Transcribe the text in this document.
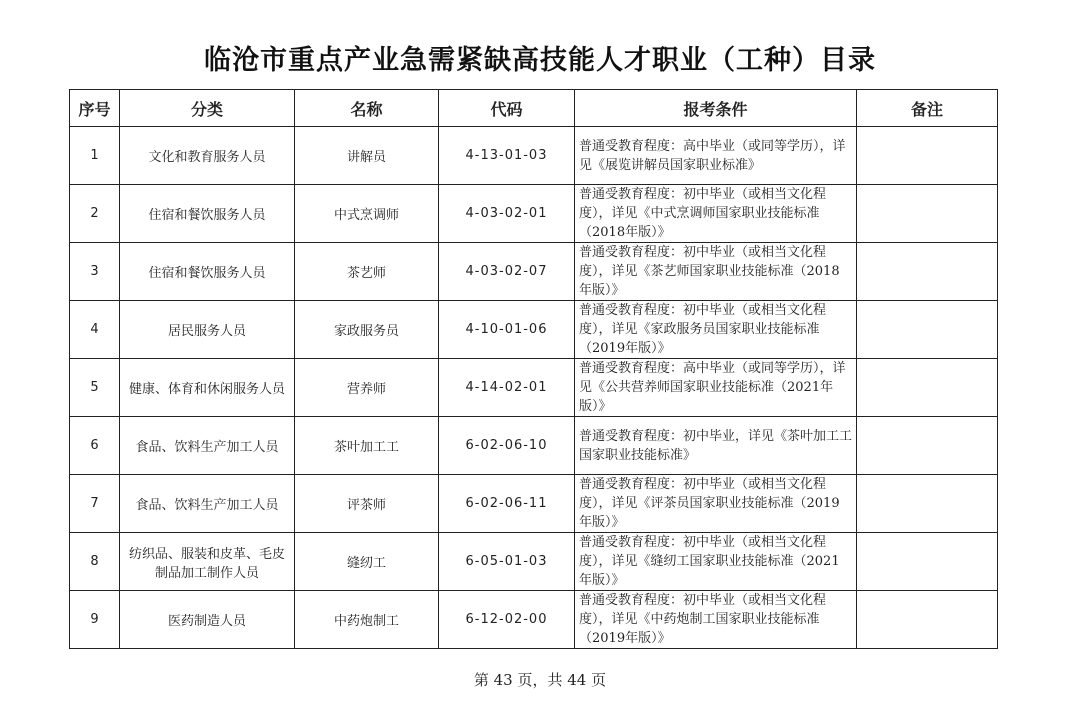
临沧市重点产业急需紧缺高技能人才职业（工种）目录
序号	分类	名称	代码	报考条件	备注
1	文化和教育服务人员	讲解员	4-13-01-03	普通受教育程度：高中毕业（或同等学历），详见《展览讲解员国家职业标准》	
2	住宿和餐饮服务人员	中式烹调师	4-03-02-01	普通受教育程度：初中毕业（或相当文化程度），详见《中式烹调师国家职业技能标准（2018年版）》	
3	住宿和餐饮服务人员	茶艺师	4-03-02-07	普通受教育程度：初中毕业（或相当文化程度），详见《茶艺师国家职业技能标准（2018年版）》	
4	居民服务人员	家政服务员	4-10-01-06	普通受教育程度：初中毕业（或相当文化程度），详见《家政服务员国家职业技能标准（2019年版）》	
5	健康、体育和休闲服务人员	营养师	4-14-02-01	普通受教育程度：高中毕业（或同等学历），详见《公共营养师国家职业技能标准（2021年版）》	
6	食品、饮料生产加工人员	茶叶加工工	6-02-06-10	普通受教育程度：初中毕业，详见《茶叶加工工国家职业技能标准》	
7	食品、饮料生产加工人员	评茶师	6-02-06-11	普通受教育程度：初中毕业（或相当文化程度），详见《评茶员国家职业技能标准（2019年版）》	
8	纺织品、服装和皮革、毛皮制品加工制作人员	缝纫工	6-05-01-03	普通受教育程度：初中毕业（或相当文化程度），详见《缝纫工国家职业技能标准（2021年版）》	
9	医药制造人员	中药炮制工	6-12-02-00	普通受教育程度：初中毕业（或相当文化程度），详见《中药炮制工国家职业技能标准（2019年版）》	
第 43 页，共 44 页
